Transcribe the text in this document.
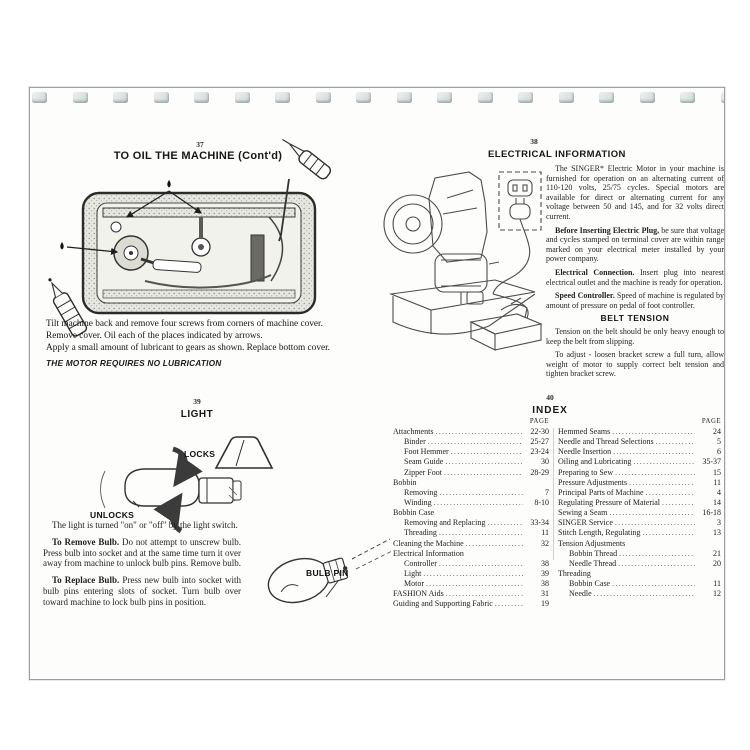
37
TO OIL THE MACHINE (Cont'd)
Tilt machine back and remove four screws from corners of machine cover.
Remove cover. Oil each of the places indicated by arrows.
Apply a small amount of lubricant to gears as shown. Replace bottom cover.
THE MOTOR REQUIRES NO LUBRICATION
38
ELECTRICAL INFORMATION

The SINGER* Electric Motor in your machine is furnished for operation on an alternating current of 110-120 volts, 25/75 cycles. Special motors are available for direct or alternating current for any voltage between 50 and 145, and for 32 volts direct current.

Before Inserting Electric Plug, be sure that voltage and cycles stamped on terminal cover are within range marked on your electrical meter installed by your power company.

Electrical Connection. Insert plug into nearest electrical outlet and the machine is ready for operation.

Speed Controller. Speed of machine is regulated by amount of pressure on pedal of foot controller.

BELT TENSION

Tension on the belt should be only heavy enough to keep the belt from slipping.

To adjust - loosen bracket screw a full turn, allow weight of motor to supply correct belt tension and tighten bracket screw.

39
LIGHT
LOCKS
UNLOCKS

The light is turned "on" or "off" by the light switch.

To Remove Bulb. Do not attempt to unscrew bulb. Press bulb into socket and at the same time turn it over away from machine to unlock bulb pins. Remove bulb.

To Replace Bulb. Press new bulb into socket with bulb pins entering slots of socket. Turn bulb over toward machine to lock bulb pins in position.

BULB PIN
40
INDEX
PAGE	PAGE
Attachments .....	22-30
Binder .....	25-27
Foot Hemmer .....	23-24
Seam Guide .....	30
Zipper Foot .....	28-29
Bobbin
Removing .....	7
Winding .....	8-10
Bobbin Case
Removing and Replacing .....	33-34
Threading .....	11
Cleaning the Machine .....	32
Electrical Information
Controller .....	38
Light .....	39
Motor .....	38
FASHION Aids .....	31
Guiding and Supporting Fabric .....	19
Hemmed Seams .....	24
Needle and Thread Selections .....	5
Needle Insertion .....	6
Oiling and Lubricating .....	35-37
Preparing to Sew .....	15
Pressure Adjustments .....	11
Principal Parts of Machine .....	4
Regulating Pressure of Material .....	14
Sewing a Seam .....	16-18
SINGER Service .....	3
Stitch Length, Regulating .....	13
Tension Adjustments
Bobbin Thread .....	21
Needle Thread .....	20
Threading
Bobbin Case .....	11
Needle .....	12
